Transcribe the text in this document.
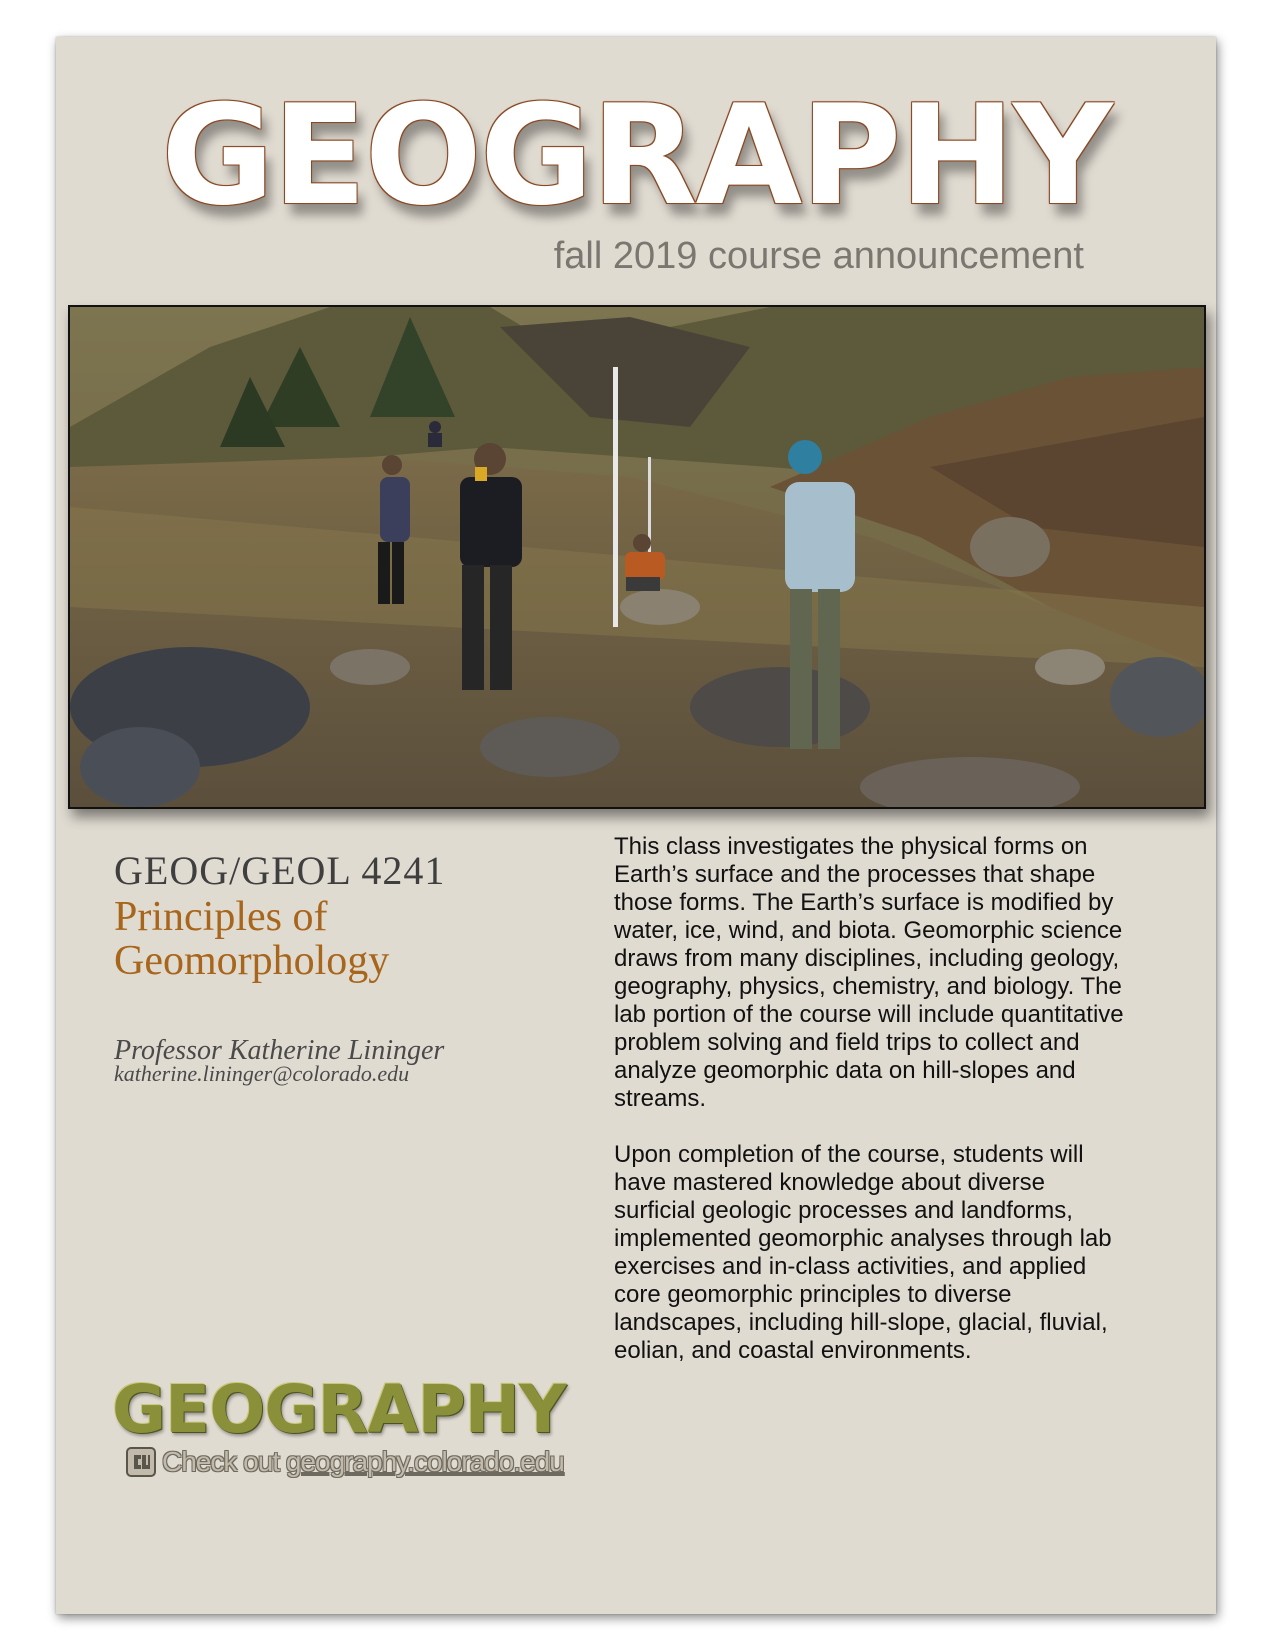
GEOGRAPHY
fall 2019 course announcement
GEOG/GEOL 4241
Principles of
Geomorphology
Professor Katherine Lininger
katherine.lininger@colorado.edu

This class investigates the physical forms on Earth’s surface and the processes that shape those forms. The Earth’s surface is modified by water, ice, wind, and biota. Geomorphic science draws from many disciplines, including geology, geography, physics, chemistry, and biology. The lab portion of the course will include quantitative problem solving and field trips to collect and analyze geomorphic data on hill-slopes and streams.

Upon completion of the course, students will have mastered knowledge about diverse surficial geologic processes and landforms, implemented geomorphic analyses through lab exercises and in-class activities, and applied core geomorphic principles to diverse landscapes, including hill-slope, glacial, fluvial, eolian, and coastal environments.

GEOGRAPHY
Check out geography.colorado.edu
